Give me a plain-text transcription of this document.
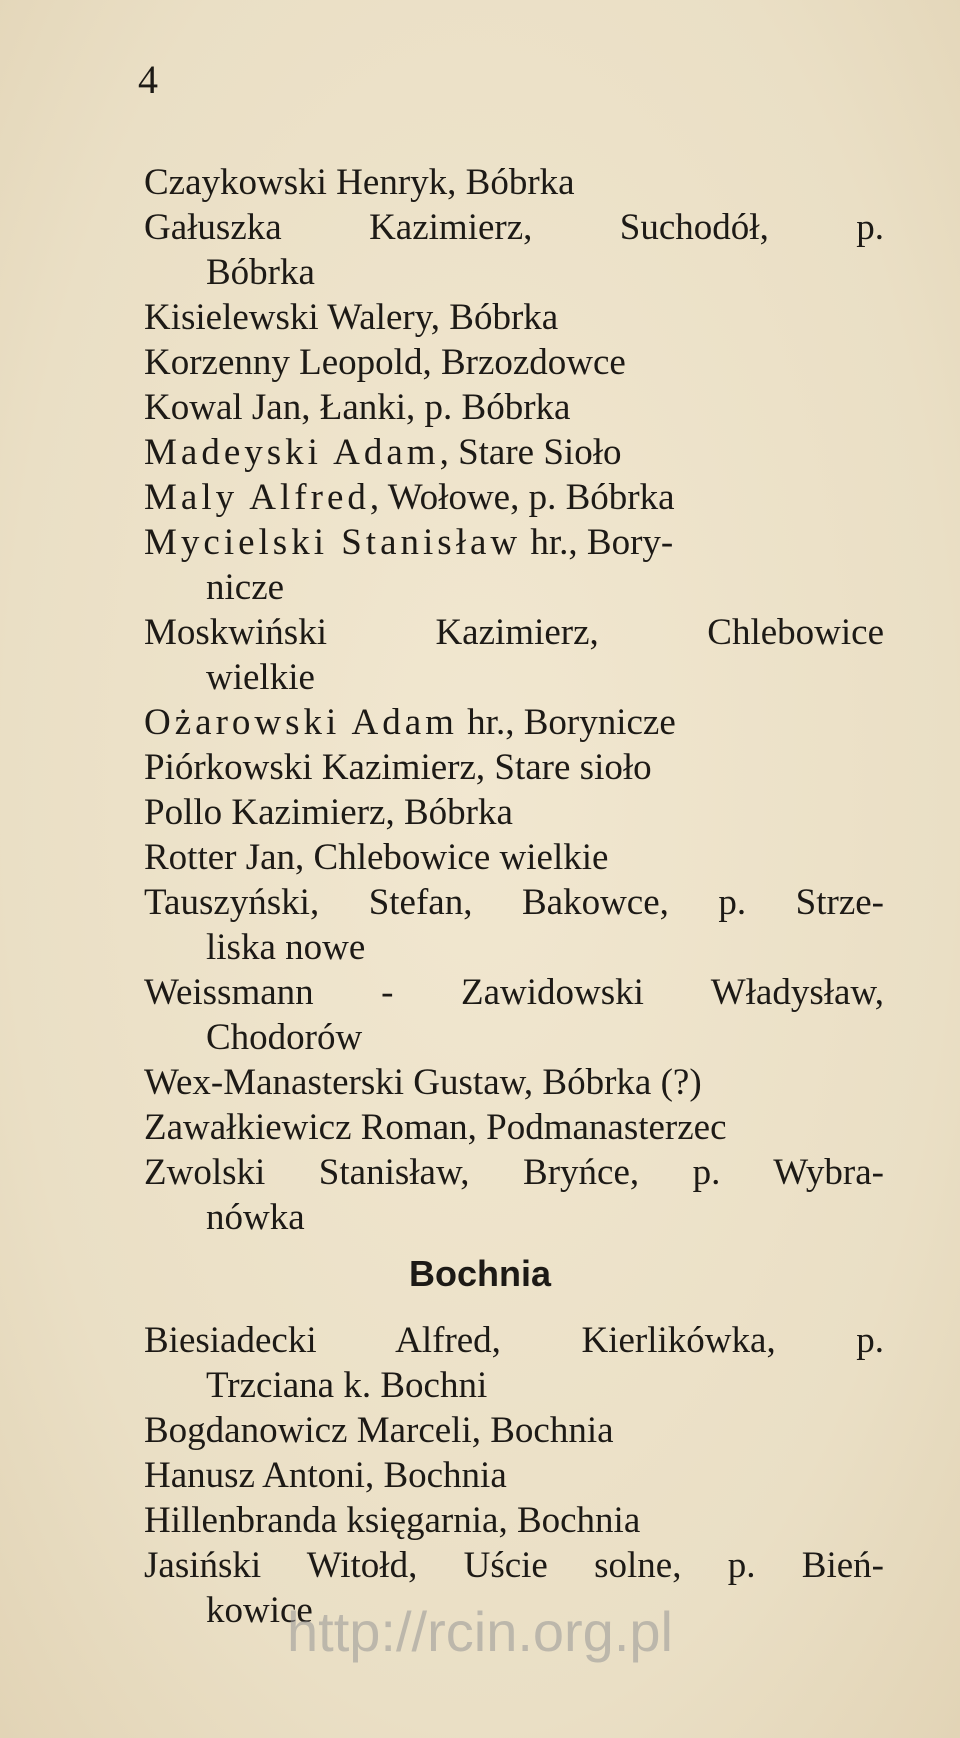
4
Czaykowski Henryk, Bóbrka
Gałuszka Kazimierz, Suchodół, p.
Bóbrka
Kisielewski Walery, Bóbrka
Korzenny Leopold, Brzozdowce
Kowal Jan, Łanki, p. Bóbrka
Madeyski Adam, Stare Sioło
Maly Alfred, Wołowe, p. Bóbrka
Mycielski Stanisław hr., Bory-
nicze
Moskwiński Kazimierz, Chlebowice
wielkie
Ożarowski Adam hr., Borynicze
Piórkowski Kazimierz, Stare sioło
Pollo Kazimierz, Bóbrka
Rotter Jan, Chlebowice wielkie
Tauszyński, Stefan, Bakowce, p. Strze-
liska nowe
Weissmann - Zawidowski Władysław,
Chodorów
Wex-Manasterski Gustaw, Bóbrka (?)
Zawałkiewicz Roman, Podmanasterzec
Zwolski Stanisław, Bryńce, p. Wybra-
nówka
Biesiadecki Alfred, Kierlikówka, p.
Trzciana k. Bochni
Bogdanowicz Marceli, Bochnia
Hanusz Antoni, Bochnia
Hillenbranda księgarnia, Bochnia
Jasiński Witołd, Uście solne, p. Bień-
kowice
Bochnia
http://rcin.org.pl
